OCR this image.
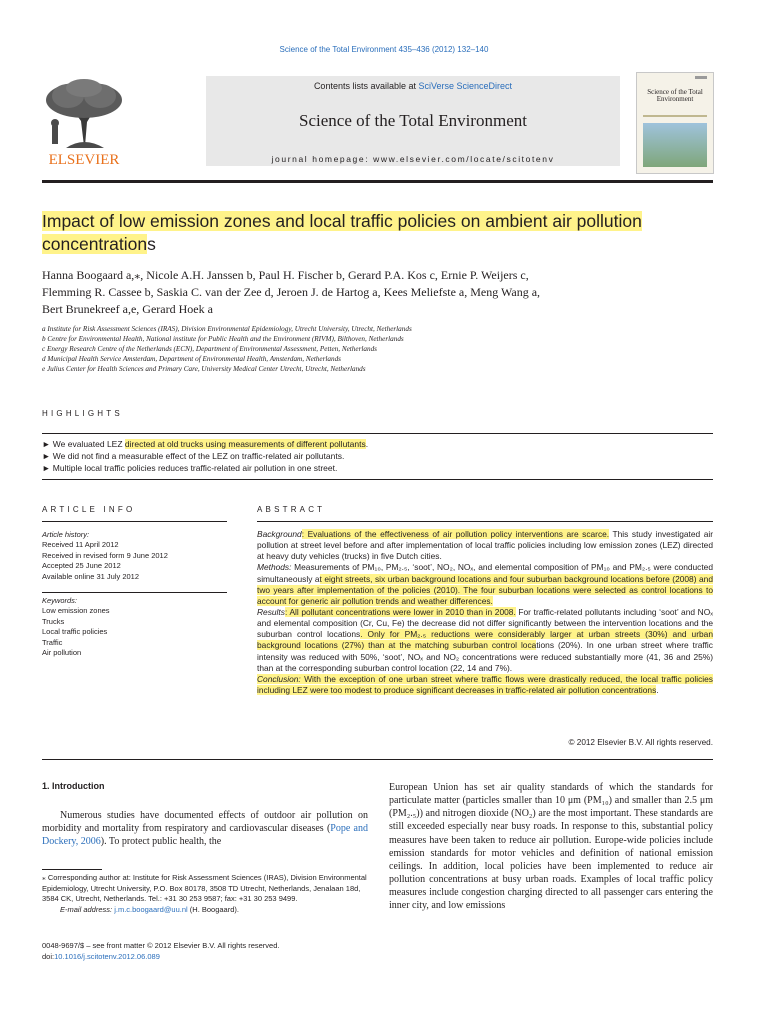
Science of the Total Environment 435–436 (2012) 132–140
Contents lists available at SciVerse ScienceDirect
Science of the Total Environment
journal homepage: www.elsevier.com/locate/scitotenv
ELSEVIER
Science of the Total Environment
Impact of low emission zones and local traffic policies on ambient air pollution concentrations
Hanna Boogaard a,⁎, Nicole A.H. Janssen b, Paul H. Fischer b, Gerard P.A. Kos c, Ernie P. Weijers c,
Flemming R. Cassee b, Saskia C. van der Zee d, Jeroen J. de Hartog a, Kees Meliefste a, Meng Wang a,
Bert Brunekreef a,e, Gerard Hoek a
a Institute for Risk Assessment Sciences (IRAS), Division Environmental Epidemiology, Utrecht University, Utrecht, Netherlands
b Centre for Environmental Health, National institute for Public Health and the Environment (RIVM), Bilthoven, Netherlands
c Energy Research Centre of the Netherlands (ECN), Department of Environmental Assessment, Petten, Netherlands
d Municipal Health Service Amsterdam, Department of Environmental Health, Amsterdam, Netherlands
e Julius Center for Health Sciences and Primary Care, University Medical Center Utrecht, Utrecht, Netherlands
HIGHLIGHTS
► We evaluated LEZ directed at old trucks using measurements of different pollutants.
► We did not find a measurable effect of the LEZ on traffic-related air pollutants.
► Multiple local traffic policies reduces traffic-related air pollution in one street.
ARTICLE INFO
Article history:
Received 11 April 2012
Received in revised form 9 June 2012
Accepted 25 June 2012
Available online 31 July 2012
Keywords:
Low emission zones
Trucks
Local traffic policies
Traffic
Air pollution
ABSTRACT

Background: Evaluations of the effectiveness of air pollution policy interventions are scarce. This study investigated air pollution at street level before and after implementation of local traffic policies including low emission zones (LEZ) directed at heavy duty vehicles (trucks) in five Dutch cities.

Methods: Measurements of PM₁₀, PM₂.₅, ‘soot’, NO₂, NOₓ, and elemental composition of PM₁₀ and PM₂.₅ were conducted simultaneously at eight streets, six urban background locations and four suburban background locations before (2008) and two years after implementation of the policies (2010). The four suburban locations were selected as control locations to account for generic air pollution trends and weather differences.

Results: All pollutant concentrations were lower in 2010 than in 2008. For traffic-related pollutants including ‘soot’ and NOₓ and elemental composition (Cr, Cu, Fe) the decrease did not differ significantly between the intervention locations and the suburban control locations. Only for PM₂.₅ reductions were considerably larger at urban streets (30%) and urban background locations (27%) than at the matching suburban control locations (20%). In one urban street where traffic intensity was reduced with 50%, ‘soot’, NOₓ and NO₂ concentrations were reduced substantially more (41, 36 and 25%) than at the corresponding suburban control location (22, 14 and 7%).

Conclusion: With the exception of one urban street where traffic flows were drastically reduced, the local traffic policies including LEZ were too modest to produce significant decreases in traffic-related air pollution concentrations.

© 2012 Elsevier B.V. All rights reserved.
1. Introduction
Numerous studies have documented effects of outdoor air pollution on morbidity and mortality from respiratory and cardiovascular diseases (Pope and Dockery, 2006). To protect public health, the
European Union has set air quality standards of which the standards for particulate matter (particles smaller than 10 μm (PM₁₀) and smaller than 2.5 μm (PM₂.₅)) and nitrogen dioxide (NO₂) are the most important. These standards are still exceeded especially near busy roads. In response to this, substantial policy measures have been taken to reduce air pollution. Europe-wide policies include emission standards for motor vehicles and definition of national emission ceilings. In addition, local policies have been implemented to reduce air pollution concentrations at busy urban roads. Examples of local traffic policy measures include congestion charging directed to all passenger cars entering the inner city, and low emissions
⁎ Corresponding author at: Institute for Risk Assessment Sciences (IRAS), Division Environmental Epidemiology, Utrecht University, P.O. Box 80178, 3508 TD Utrecht, Netherlands, Jenalaan 18d, 3584 CK, Utrecht, Netherlands. Tel.: +31 30 253 9587; fax: +31 30 253 9499.
E-mail address: j.m.c.boogaard@uu.nl (H. Boogaard).
0048-9697/$ – see front matter © 2012 Elsevier B.V. All rights reserved.
doi:10.1016/j.scitotenv.2012.06.089
